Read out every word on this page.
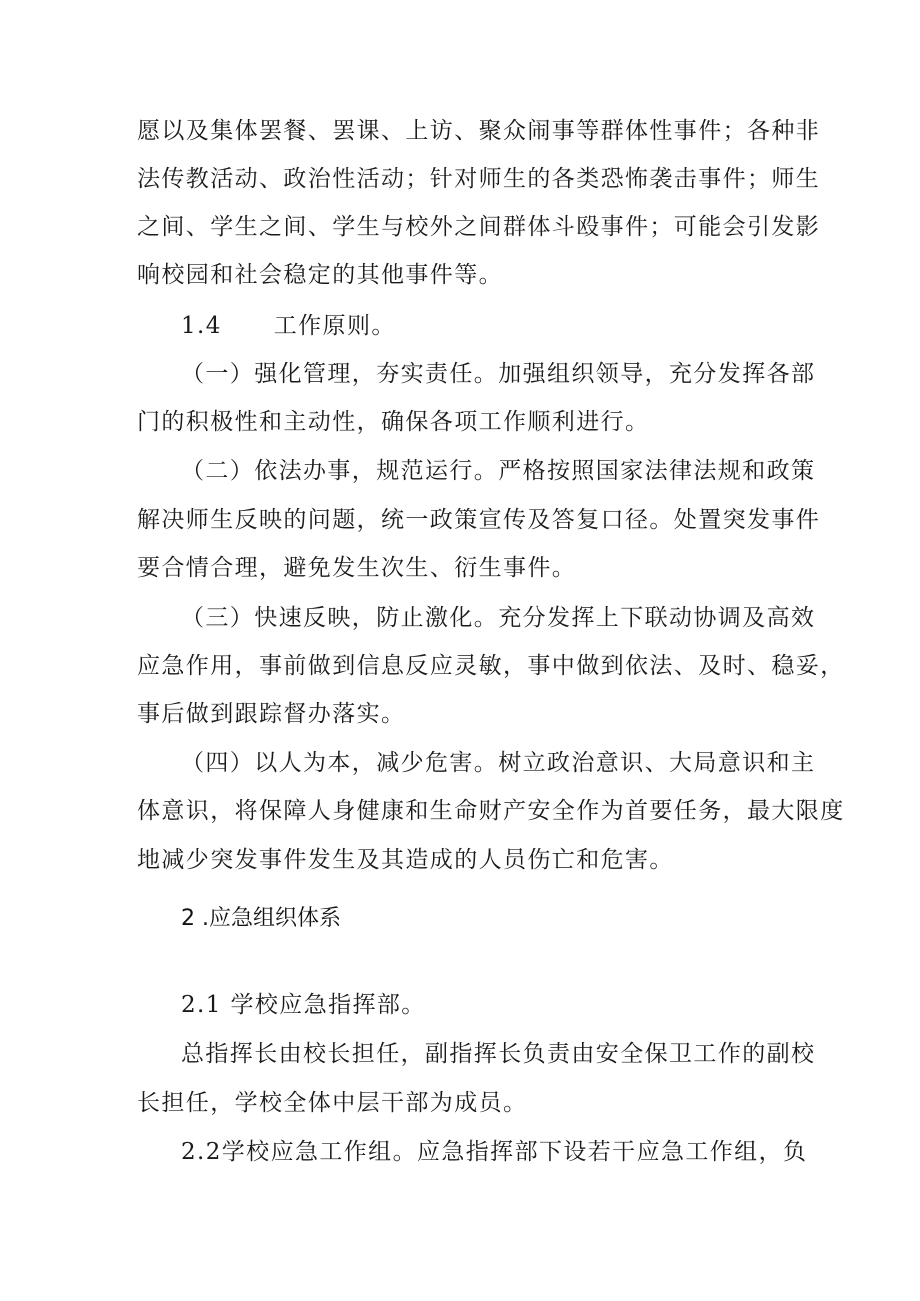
愿以及集体罢餐、罢课、上访、聚众闹事等群体性事件；各种非
法传教活动、政治性活动；针对师生的各类恐怖袭击事件；师生
之间、学生之间、学生与校外之间群体斗殴事件；可能会引发影
响校园和社会稳定的其他事件等。
1.4 工作原则。
（一）强化管理，夯实责任。加强组织领导，充分发挥各部
门的积极性和主动性，确保各项工作顺利进行。
（二）依法办事，规范运行。严格按照国家法律法规和政策
解决师生反映的问题，统一政策宣传及答复口径。处置突发事件
要合情合理，避免发生次生、衍生事件。
（三）快速反映，防止激化。充分发挥上下联动协调及高效
应急作用，事前做到信息反应灵敏，事中做到依法、及时、稳妥，
事后做到跟踪督办落实。
（四）以人为本，减少危害。树立政治意识、大局意识和主
体意识，将保障人身健康和生命财产安全作为首要任务，最大限度
地减少突发事件发生及其造成的人员伤亡和危害。
2 .应急组织体系
2.1 学校应急指挥部。
总指挥长由校长担任，副指挥长负责由安全保卫工作的副校
长担任，学校全体中层干部为成员。
2.2学校应急工作组。应急指挥部下设若干应急工作组，负
